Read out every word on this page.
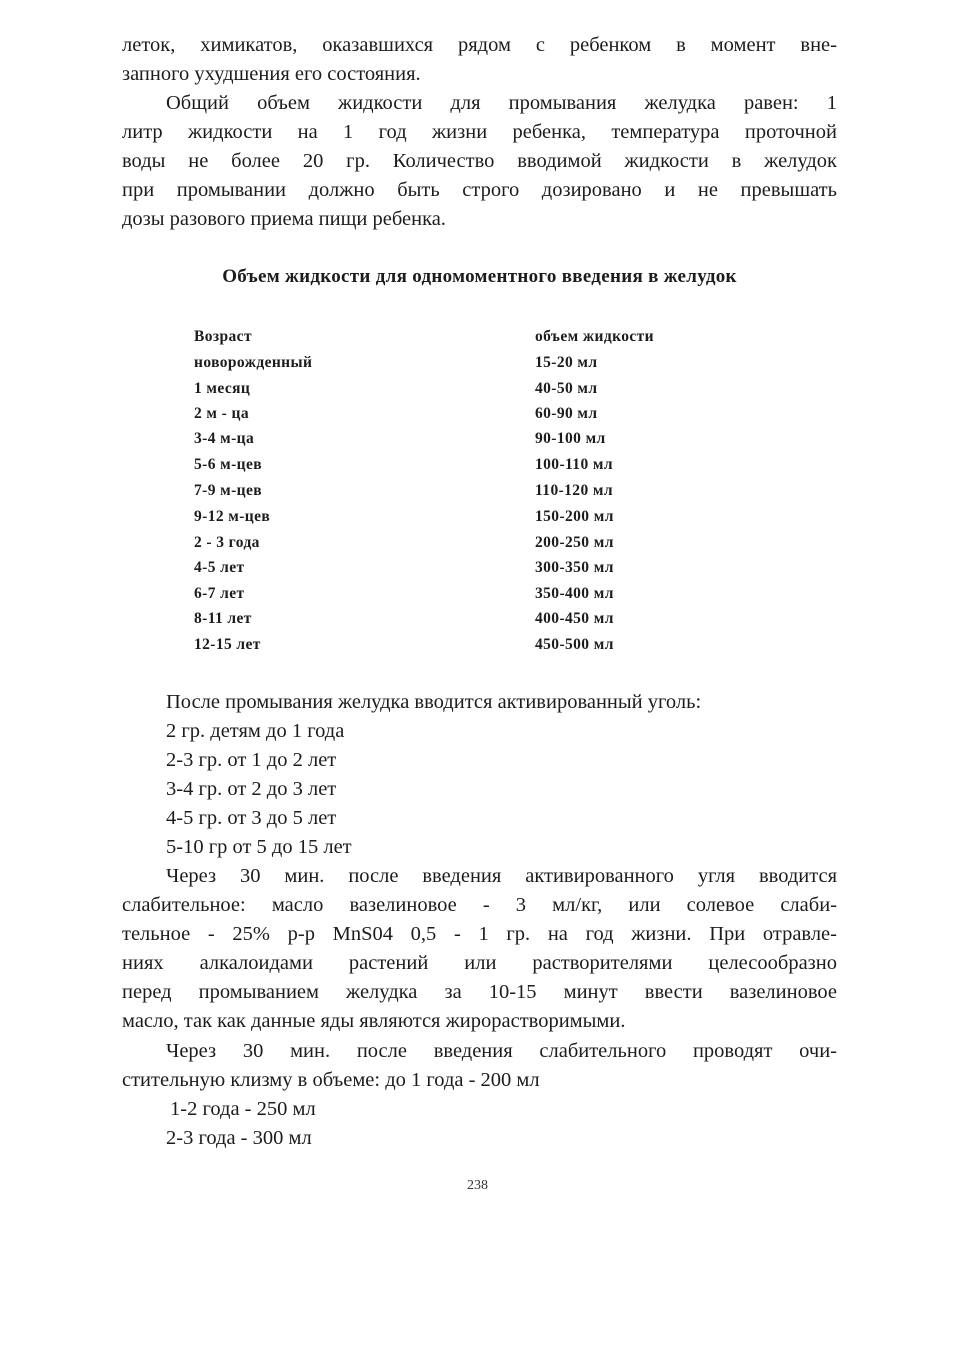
леток, химикатов, оказавшихся рядом с ребенком в момент вне-
запного ухудшения его состояния.
Общий объем жидкости для промывания желудка равен: 1
литр жидкости на 1 год жизни ребенка, температура проточной
воды не более 20 гр. Количество вводимой жидкости в желудок
при промывании должно быть строго дозировано и не превышать
дозы разового приема пищи ребенка.
Объем жидкости для одномоментного введения в желудок
Возраст	объем жидкости
новорожденный	15-20 мл
1 месяц	40-50 мл
2 м - ца	60-90 мл
3-4 м-ца	90-100 мл
5-6 м-цев	100-110 мл
7-9 м-цев	110-120 мл
9-12 м-цев	150-200 мл
2 - 3 года	200-250 мл
4-5 лет	300-350 мл
6-7 лет	350-400 мл
8-11 лет	400-450 мл
12-15 лет	450-500 мл
После промывания желудка вводится активированный уголь:
2 гр. детям до 1 года
2-3 гр. от 1 до 2 лет
3-4 гр. от 2 до 3 лет
4-5 гр. от 3 до 5 лет
5-10 гр от 5 до 15 лет
Через 30 мин. после введения активированного угля вводится
слабительное: масло вазелиновое - 3 мл/кг, или солевое слаби-
тельное - 25% р-р MnS04 0,5 - 1 гр. на год жизни. При отравле-
ниях алкалоидами растений или растворителями целесообразно
перед промыванием желудка за 10-15 минут ввести вазелиновое
масло, так как данные яды являются жирорастворимыми.
Через 30 мин. после введения слабительного проводят очи-
стительную клизму в объеме: до 1 года - 200 мл
1-2 года - 250 мл
2-3 года - 300 мл
238
